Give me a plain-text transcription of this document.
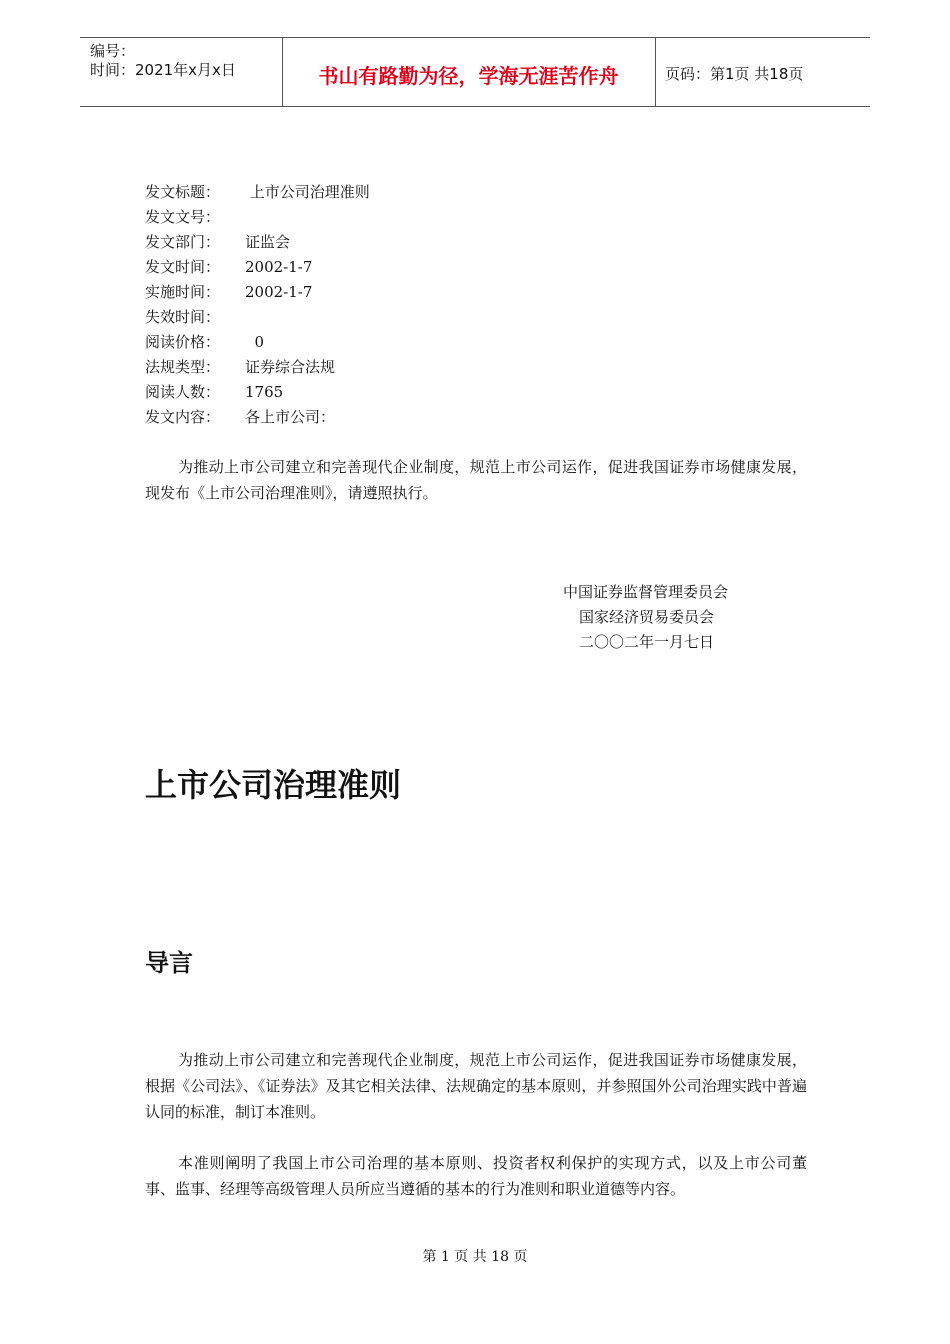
编号：
时间：2021年x月x日	书山有路勤为径，学海无涯苦作舟	页码：第1页 共18页
发文标题： 上市公司治理准则
发文文号：
发文部门： 证监会
发文时间： 2002-1-7
实施时间： 2002-1-7
失效时间：
阅读价格：  0
法规类型： 证券综合法规
阅读人数： 1765
发文内容： 各上市公司：
为推动上市公司建立和完善现代企业制度，规范上市公司运作，促进我国证券市场健康发展，现发布《上市公司治理准则》，请遵照执行。
中国证券监督管理委员会
国家经济贸易委员会
二〇〇二年一月七日
上市公司治理准则
导言
为推动上市公司建立和完善现代企业制度，规范上市公司运作，促进我国证券市场健康发展，根据《公司法》、《证券法》及其它相关法律、法规确定的基本原则，并参照国外公司治理实践中普遍认同的标准，制订本准则。
本准则阐明了我国上市公司治理的基本原则、投资者权利保护的实现方式，以及上市公司董事、监事、经理等高级管理人员所应当遵循的基本的行为准则和职业道德等内容。
第 1 页 共 18 页
